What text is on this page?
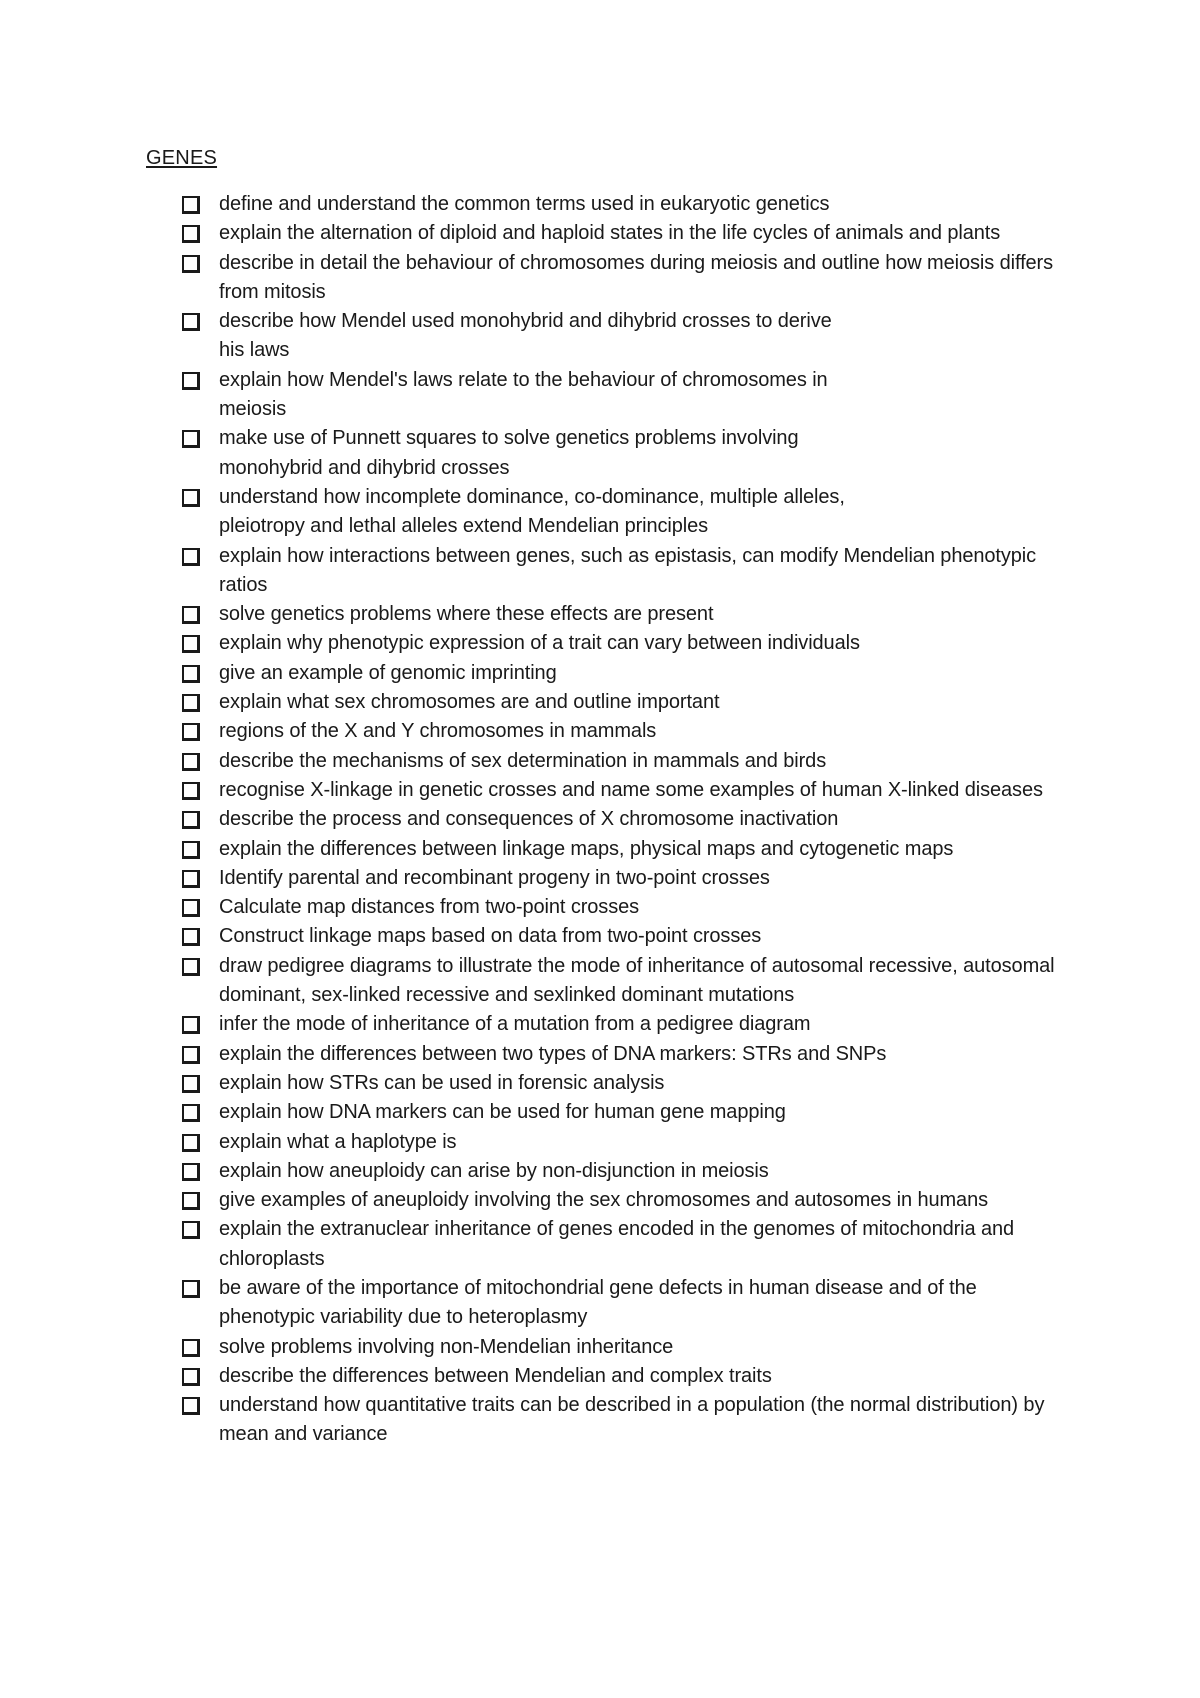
GENES
define and understand the common terms used in eukaryotic genetics
explain the alternation of diploid and haploid states in the life cycles of animals and plants
describe in detail the behaviour of chromosomes during meiosis and outline how meiosis differs from mitosis
describe how Mendel used monohybrid and dihybrid crosses to derive
his laws
explain how Mendel's laws relate to the behaviour of chromosomes in
meiosis
make use of Punnett squares to solve genetics problems involving
monohybrid and dihybrid crosses
understand how incomplete dominance, co-dominance, multiple alleles,
pleiotropy and lethal alleles extend Mendelian principles
explain how interactions between genes, such as epistasis, can modify Mendelian phenotypic ratios
solve genetics problems where these effects are present
explain why phenotypic expression of a trait can vary between individuals
give an example of genomic imprinting
explain what sex chromosomes are and outline important
regions of the X and Y chromosomes in mammals
describe the mechanisms of sex determination in mammals and birds
recognise X-linkage in genetic crosses and name some examples of human X-linked diseases
describe the process and consequences of X chromosome inactivation
explain the differences between linkage maps, physical maps and cytogenetic maps
Identify parental and recombinant progeny in two-point crosses
Calculate map distances from two-point crosses
Construct linkage maps based on data from two-point crosses
draw pedigree diagrams to illustrate the mode of inheritance of autosomal recessive, autosomal dominant, sex-linked recessive and sexlinked dominant mutations
infer the mode of inheritance of a mutation from a pedigree diagram
explain the differences between two types of DNA markers: STRs and SNPs
explain how STRs can be used in forensic analysis
explain how DNA markers can be used for human gene mapping
explain what a haplotype is
explain how aneuploidy can arise by non-disjunction in meiosis
give examples of aneuploidy involving the sex chromosomes and autosomes in humans
explain the extranuclear inheritance of genes encoded in the genomes of mitochondria and chloroplasts
be aware of the importance of mitochondrial gene defects in human disease and of the phenotypic variability due to heteroplasmy
solve problems involving non-Mendelian inheritance
describe the differences between Mendelian and complex traits
understand how quantitative traits can be described in a population (the normal distribution) by mean and variance
